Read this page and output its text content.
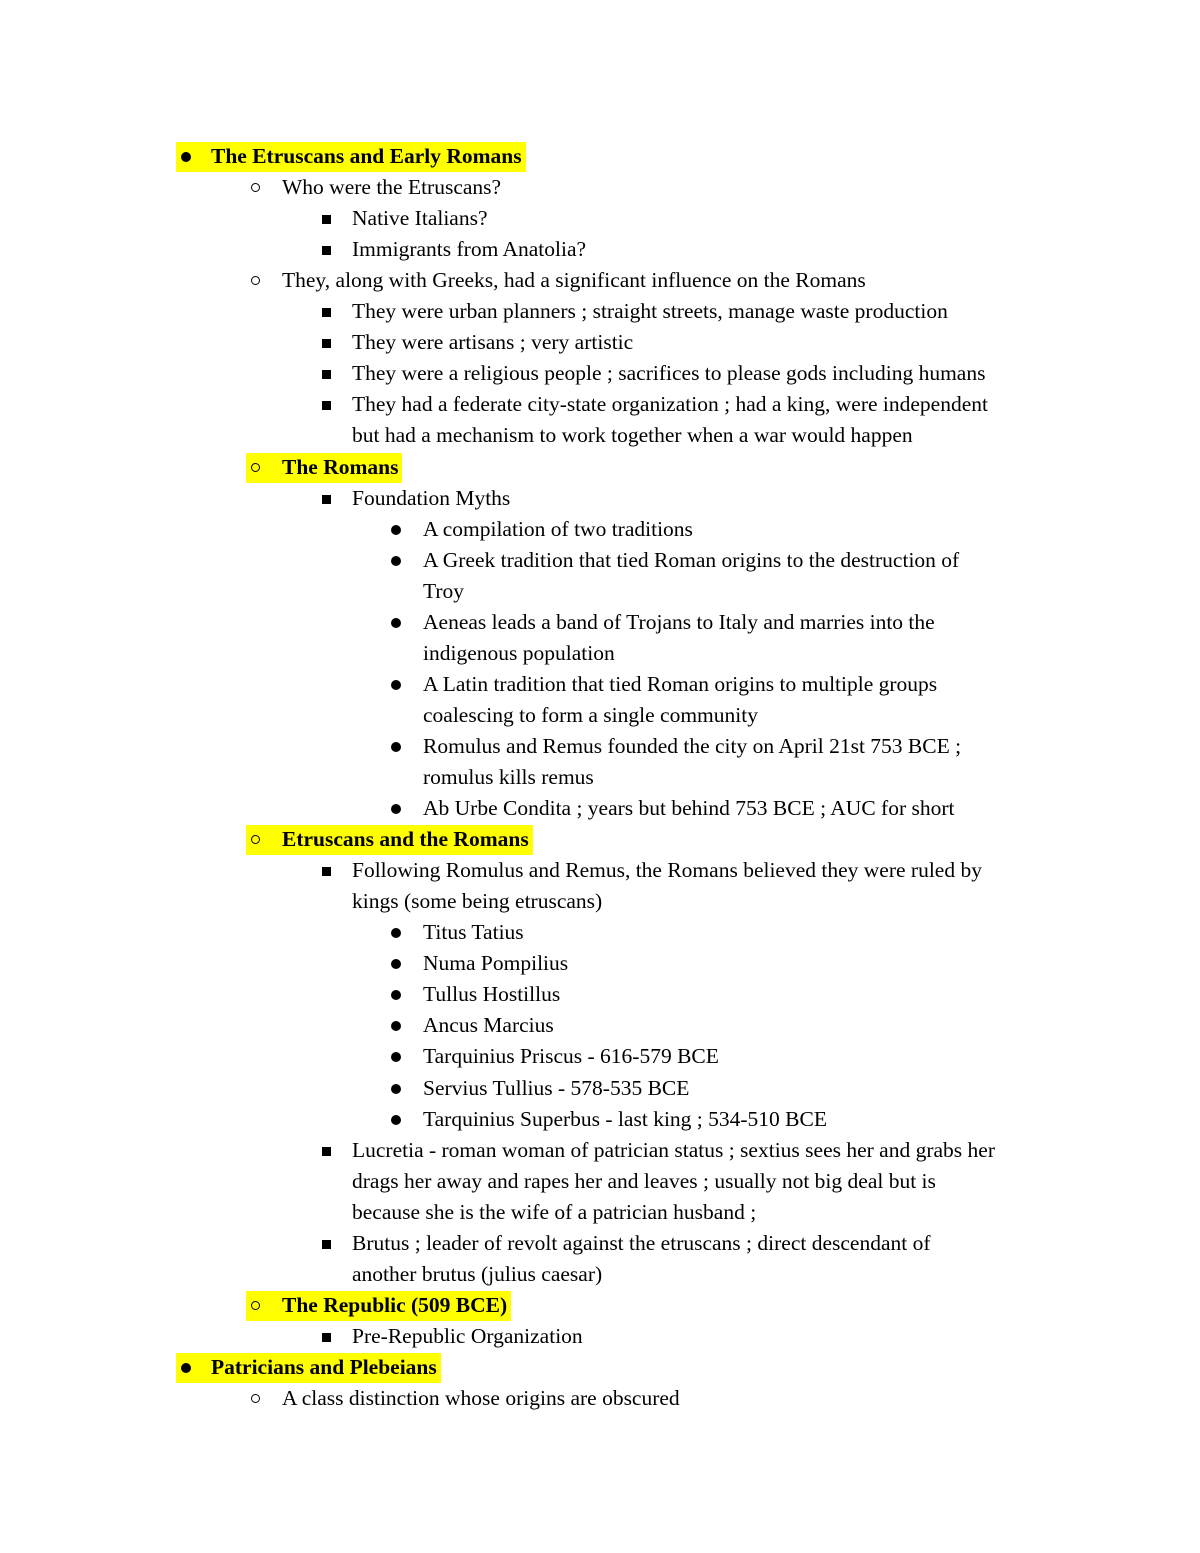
The Etruscans and Early Romans
Who were the Etruscans?
Native Italians?
Immigrants from Anatolia?
They, along with Greeks, had a significant influence on the Romans
They were urban planners ; straight streets, manage waste production
They were artisans ; very artistic
They were a religious people ; sacrifices to please gods including humans
They had a federate city-state organization ; had a king, were independent
but had a mechanism to work together when a war would happen
The Romans
Foundation Myths
A compilation of two traditions
A Greek tradition that tied Roman origins to the destruction of
Troy
Aeneas leads a band of Trojans to Italy and marries into the
indigenous population
A Latin tradition that tied Roman origins to multiple groups
coalescing to form a single community
Romulus and Remus founded the city on April 21st 753 BCE ;
romulus kills remus
Ab Urbe Condita ; years but behind 753 BCE ; AUC for short
Etruscans and the Romans
Following Romulus and Remus, the Romans believed they were ruled by
kings (some being etruscans)
Titus Tatius
Numa Pompilius
Tullus Hostillus
Ancus Marcius
Tarquinius Priscus - 616-579 BCE
Servius Tullius - 578-535 BCE
Tarquinius Superbus - last king ; 534-510 BCE
Lucretia - roman woman of patrician status ; sextius sees her and grabs her
drags her away and rapes her and leaves ; usually not big deal but is
because she is the wife of a patrician husband ;
Brutus ; leader of revolt against the etruscans ; direct descendant of
another brutus (julius caesar)
The Republic (509 BCE)
Pre-Republic Organization
Patricians and Plebeians
A class distinction whose origins are obscured
